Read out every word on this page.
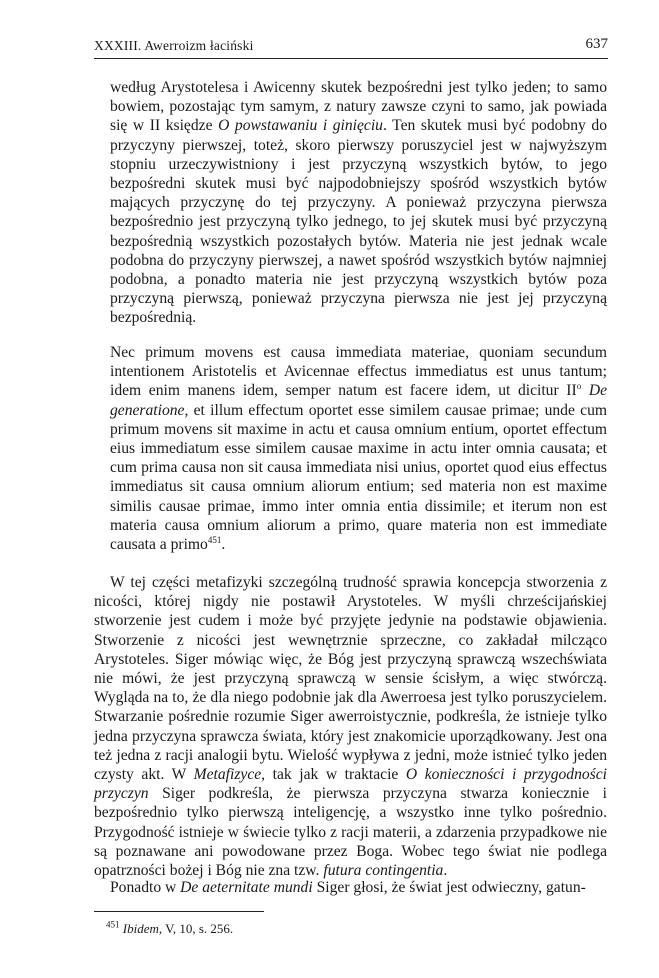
XXXIII. Awerroizm łaciński	637

według Arystotelesa i Awicenny skutek bezpośredni jest tylko jeden; to samo bowiem, pozostając tym samym, z natury zawsze czyni to samo, jak powiada się w II księdze O powstawaniu i ginięciu. Ten skutek musi być podobny do przyczyny pierwszej, toteż, skoro pierwszy poruszyciel jest w najwyższym stopniu urzeczywistniony i jest przyczyną wszystkich bytów, to jego bezpośredni skutek musi być najpodobniejszy spośród wszystkich bytów mających przyczynę do tej przyczyny. A ponieważ przyczyna pierwsza bezpośrednio jest przyczyną tylko jednego, to jej skutek musi być przyczyną bezpośrednią wszystkich pozostałych bytów. Materia nie jest jednak wcale podobna do przyczyny pierwszej, a nawet spośród wszystkich bytów najmniej podobna, a ponadto materia nie jest przyczyną wszystkich bytów poza przyczyną pierwszą, ponieważ przyczyna pierwsza nie jest jej przyczyną bezpośrednią.

Nec primum movens est causa immediata materiae, quoniam secundum intentionem Aristotelis et Avicennae effectus immediatus est unus tantum; idem enim manens idem, semper natum est facere idem, ut dicitur $II^o$ De generatione, et illum effectum oportet esse similem causae primae; unde cum primum movens sit maxime in actu et causa omnium entium, oportet effectum eius immediatum esse similem causae maxime in actu inter omnia causata; et cum prima causa non sit causa immediata nisi unius, oportet quod eius effectus immediatus sit causa omnium aliorum entium; sed materia non est maxime similis causae primae, immo inter omnia entia dissimile; et iterum non est materia causa omnium aliorum a primo, quare materia non est immediate causata a primo$^{451}$.

W tej części metafizyki szczególną trudność sprawia koncepcja stworzenia z nicości, której nigdy nie postawił Arystoteles. W myśli chrześcijańskiej stworzenie jest cudem i może być przyjęte jedynie na podstawie objawienia. Stworzenie z nicości jest wewnętrznie sprzeczne, co zakładał milcząco Arystoteles. Siger mówiąc więc, że Bóg jest przyczyną sprawczą wszechświata nie mówi, że jest przyczyną sprawczą w sensie ścisłym, a więc stwórczą. Wygląda na to, że dla niego podobnie jak dla Awerroesa jest tylko poruszycielem. Stwarzanie pośrednie rozumie Siger awerroistycznie, podkreśla, że istnieje tylko jedna przyczyna sprawcza świata, który jest znakomicie uporządkowany. Jest ona też jedna z racji analogii bytu. Wielość wypływa z jedni, może istnieć tylko jeden czysty akt. W Metafizyce, tak jak w traktacie O konieczności i przygodności przyczyn Siger podkreśla, że pierwsza przyczyna stwarza koniecznie i bezpośrednio tylko pierwszą inteligencję, a wszystko inne tylko pośrednio. Przygodność istnieje w świecie tylko z racji materii, a zdarzenia przypadkowe nie są poznawane ani powodowane przez Boga. Wobec tego świat nie podlega opatrzności bożej i Bóg nie zna tzw. futura contingentia.

Ponadto w De aeternitate mundi Siger głosi, że świat jest odwieczny, gatun-

$^{451}$ Ibidem, V, 10, s. 256.
